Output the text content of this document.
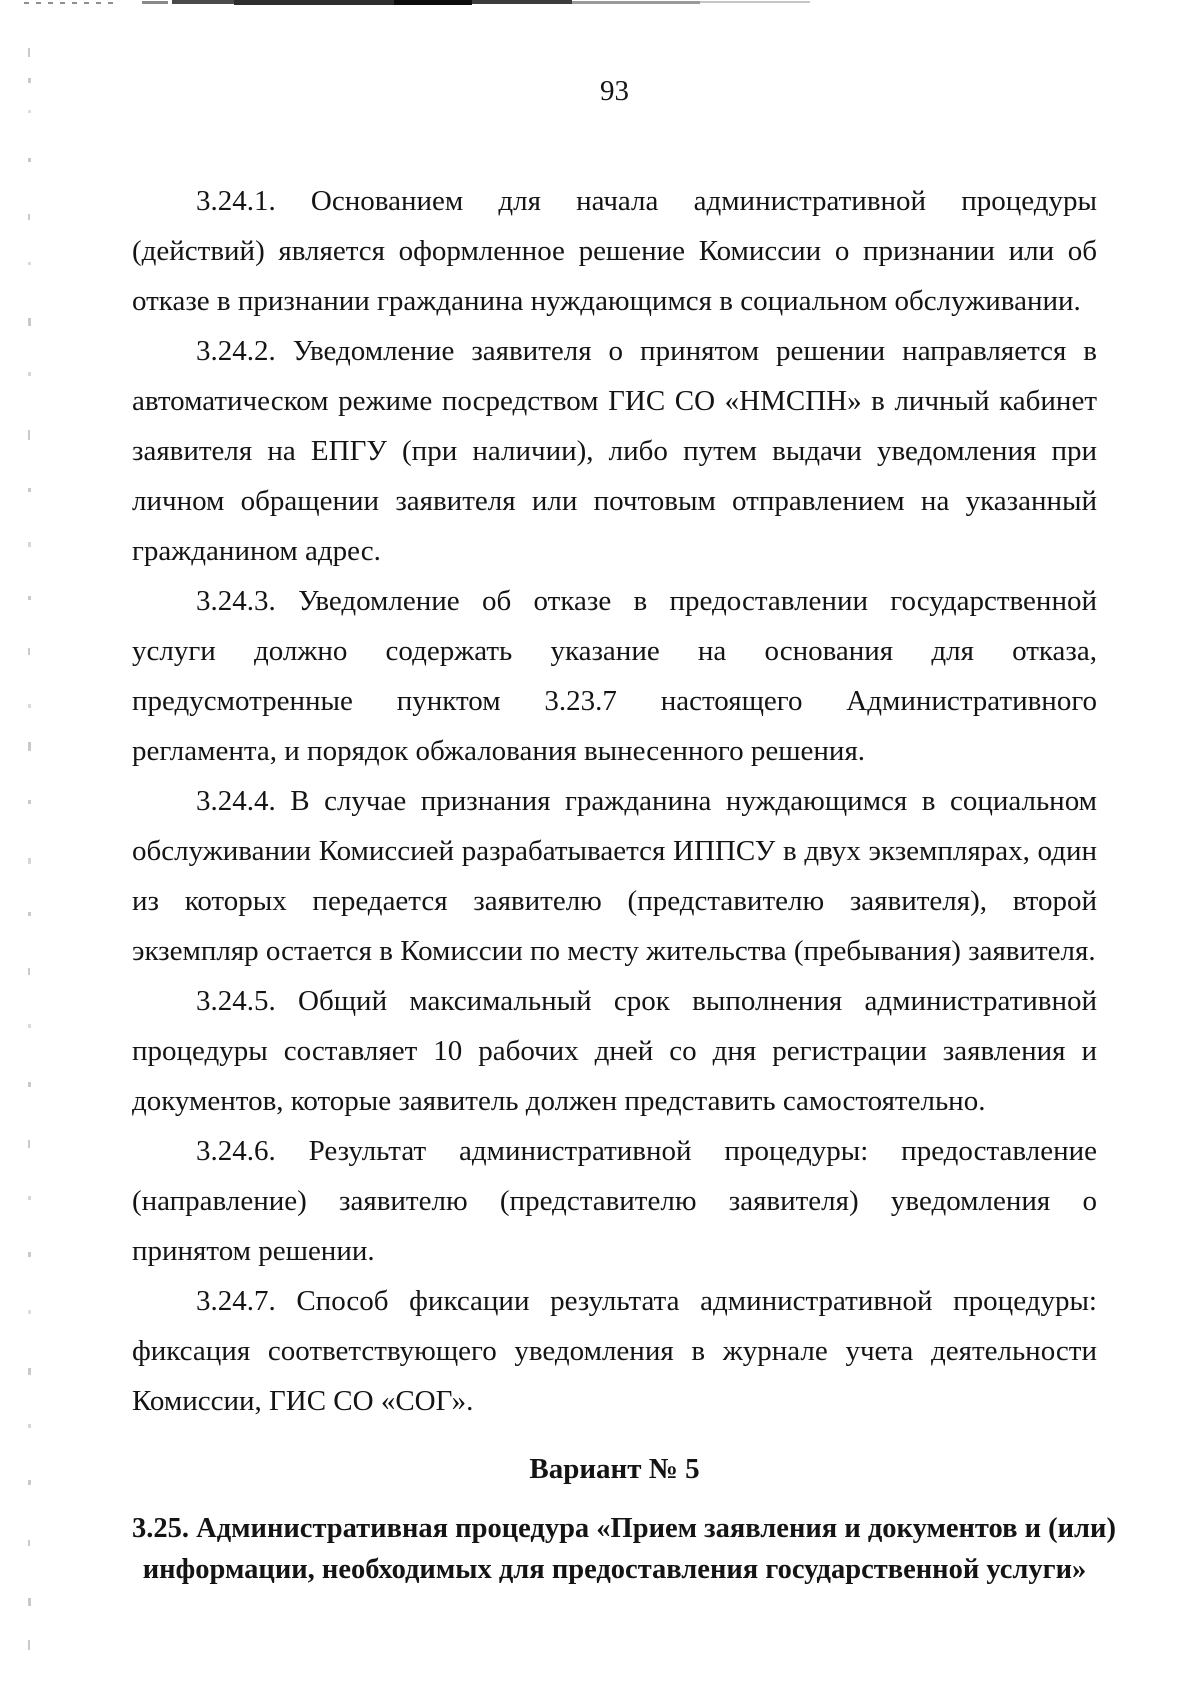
93

3.24.1. Основанием для начала административной процедуры (действий) является оформленное решение Комиссии о признании или об отказе в признании гражданина нуждающимся в социальном обслуживании.

3.24.2. Уведомление заявителя о принятом решении направляется в автоматическом режиме посредством ГИС СО «НМСПН» в личный кабинет заявителя на ЕПГУ (при наличии), либо путем выдачи уведомления при личном обращении заявителя или почтовым отправлением на указанный гражданином адрес.

3.24.3. Уведомление об отказе в предоставлении государственной услуги должно содержать указание на основания для отказа, предусмотренные пунктом 3.23.7 настоящего Административного регламента, и порядок обжалования вынесенного решения.

3.24.4. В случае признания гражданина нуждающимся в социальном обслуживании Комиссией разрабатывается ИППСУ в двух экземплярах, один из которых передается заявителю (представителю заявителя), второй экземпляр остается в Комиссии по месту жительства (пребывания) заявителя.

3.24.5. Общий максимальный срок выполнения административной процедуры составляет 10 рабочих дней со дня регистрации заявления и документов, которые заявитель должен представить самостоятельно.

3.24.6. Результат административной процедуры: предоставление (направление) заявителю (представителю заявителя) уведомления о принятом решении.

3.24.7. Способ фиксации результата административной процедуры: фиксация соответствующего уведомления в журнале учета деятельности Комиссии, ГИС СО «СОГ».

Вариант № 5
3.25. Административная процедура «Прием заявления и документов и (или)
информации, необходимых для предоставления государственной услуги»
